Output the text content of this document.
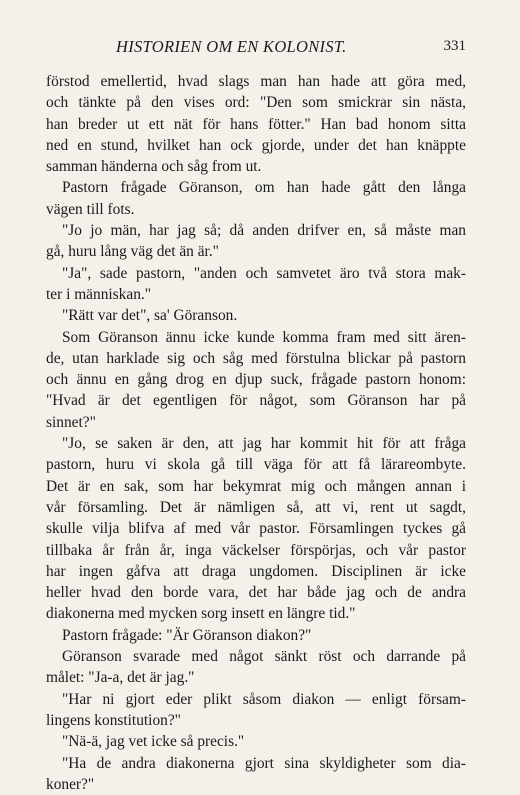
HISTORIEN OM EN KOLONIST.	331
förstod emellertid, hvad slags man han hade att göra med,
och tänkte på den vises ord: "Den som smickrar sin nästa,
han breder ut ett nät för hans fötter." Han bad honom sitta
ned en stund, hvilket han ock gjorde, under det han knäppte
samman händerna och såg from ut.
Pastorn frågade Göranson, om han hade gått den långa
vägen till fots.
"Jo jo män, har jag så; då anden drifver en, så måste man
gå, huru lång väg det än är."
"Ja", sade pastorn, "anden och samvetet äro två stora mak-
ter i människan."
"Rätt var det", sa' Göranson.
Som Göranson ännu icke kunde komma fram med sitt ären-
de, utan harklade sig och såg med förstulna blickar på pastorn
och ännu en gång drog en djup suck, frågade pastorn honom:
"Hvad är det egentligen för något, som Göranson har på
sinnet?"
"Jo, se saken är den, att jag har kommit hit för att fråga
pastorn, huru vi skola gå till väga för att få lärareombyte.
Det är en sak, som har bekymrat mig och mången annan i
vår församling. Det är nämligen så, att vi, rent ut sagdt,
skulle vilja blifva af med vår pastor. Församlingen tyckes gå
tillbaka år från år, inga väckelser förspörjas, och vår pastor
har ingen gåfva att draga ungdomen. Disciplinen är icke
heller hvad den borde vara, det har både jag och de andra
diakonerna med mycken sorg insett en längre tid."
Pastorn frågade: "Är Göranson diakon?"
Göranson svarade med något sänkt röst och darrande på
målet: "Ja-a, det är jag."
"Har ni gjort eder plikt såsom diakon — enligt försam-
lingens konstitution?"
"Nä-ä, jag vet icke så precis."
"Ha de andra diakonerna gjort sina skyldigheter som dia-
koner?"
